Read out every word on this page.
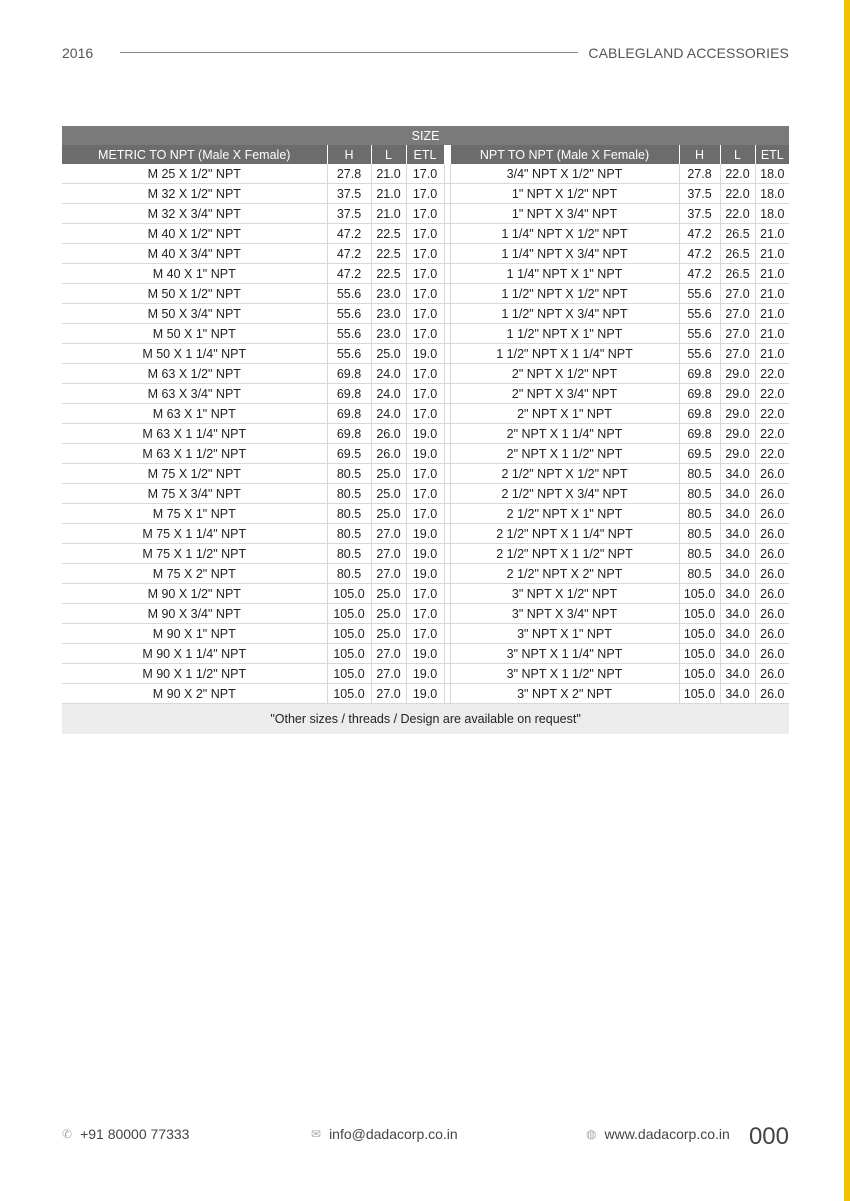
2016	CABLEGLAND ACCESSORIES
SIZE								
METRIC TO NPT (Male X Female)	H	L	ETL		NPT TO NPT (Male X Female)	H	L	ETL
M 25 X 1/2" NPT	27.8	21.0	17.0		3/4" NPT X 1/2" NPT	27.8	22.0	18.0
M 32 X 1/2" NPT	37.5	21.0	17.0		1" NPT X 1/2" NPT	37.5	22.0	18.0
M 32 X 3/4" NPT	37.5	21.0	17.0		1" NPT X 3/4" NPT	37.5	22.0	18.0
M 40 X 1/2" NPT	47.2	22.5	17.0		1 1/4" NPT X 1/2" NPT	47.2	26.5	21.0
M 40 X 3/4" NPT	47.2	22.5	17.0		1 1/4" NPT X 3/4" NPT	47.2	26.5	21.0
M 40 X 1" NPT	47.2	22.5	17.0		1 1/4" NPT X 1" NPT	47.2	26.5	21.0
M 50 X 1/2" NPT	55.6	23.0	17.0		1 1/2" NPT X 1/2" NPT	55.6	27.0	21.0
M 50 X 3/4" NPT	55.6	23.0	17.0		1 1/2" NPT X 3/4" NPT	55.6	27.0	21.0
M 50 X 1" NPT	55.6	23.0	17.0		1 1/2" NPT X 1" NPT	55.6	27.0	21.0
M 50 X 1 1/4" NPT	55.6	25.0	19.0		1 1/2" NPT X 1 1/4" NPT	55.6	27.0	21.0
M 63 X 1/2" NPT	69.8	24.0	17.0		2" NPT X 1/2" NPT	69.8	29.0	22.0
M 63 X 3/4" NPT	69.8	24.0	17.0		2" NPT X 3/4" NPT	69.8	29.0	22.0
M 63 X 1" NPT	69.8	24.0	17.0		2" NPT X 1" NPT	69.8	29.0	22.0
M 63 X 1 1/4" NPT	69.8	26.0	19.0		2" NPT X 1 1/4" NPT	69.8	29.0	22.0
M 63 X 1 1/2" NPT	69.5	26.0	19.0		2" NPT X 1 1/2" NPT	69.5	29.0	22.0
M 75 X 1/2" NPT	80.5	25.0	17.0		2 1/2" NPT X 1/2" NPT	80.5	34.0	26.0
M 75 X 3/4" NPT	80.5	25.0	17.0		2 1/2" NPT X 3/4" NPT	80.5	34.0	26.0
M 75 X 1" NPT	80.5	25.0	17.0		2 1/2" NPT X 1" NPT	80.5	34.0	26.0
M 75 X 1 1/4" NPT	80.5	27.0	19.0		2 1/2" NPT X 1 1/4" NPT	80.5	34.0	26.0
M 75 X 1 1/2" NPT	80.5	27.0	19.0		2 1/2" NPT X 1 1/2" NPT	80.5	34.0	26.0
M 75 X 2" NPT	80.5	27.0	19.0		2 1/2" NPT X 2" NPT	80.5	34.0	26.0
M 90 X 1/2" NPT	105.0	25.0	17.0		3" NPT X 1/2" NPT	105.0	34.0	26.0
M 90 X 3/4" NPT	105.0	25.0	17.0		3" NPT X 3/4" NPT	105.0	34.0	26.0
M 90 X 1" NPT	105.0	25.0	17.0		3" NPT X 1" NPT	105.0	34.0	26.0
M 90 X 1 1/4" NPT	105.0	27.0	19.0		3" NPT X 1 1/4" NPT	105.0	34.0	26.0
M 90 X 1 1/2" NPT	105.0	27.0	19.0		3" NPT X 1 1/2" NPT	105.0	34.0	26.0
M 90 X 2" NPT	105.0	27.0	19.0		3" NPT X 2" NPT	105.0	34.0	26.0
"Other sizes / threads / Design are available on request"								
✆ +91 80000 77333	✉ info@dadacorp.co.in	◍ www.dadacorp.co.in 000
